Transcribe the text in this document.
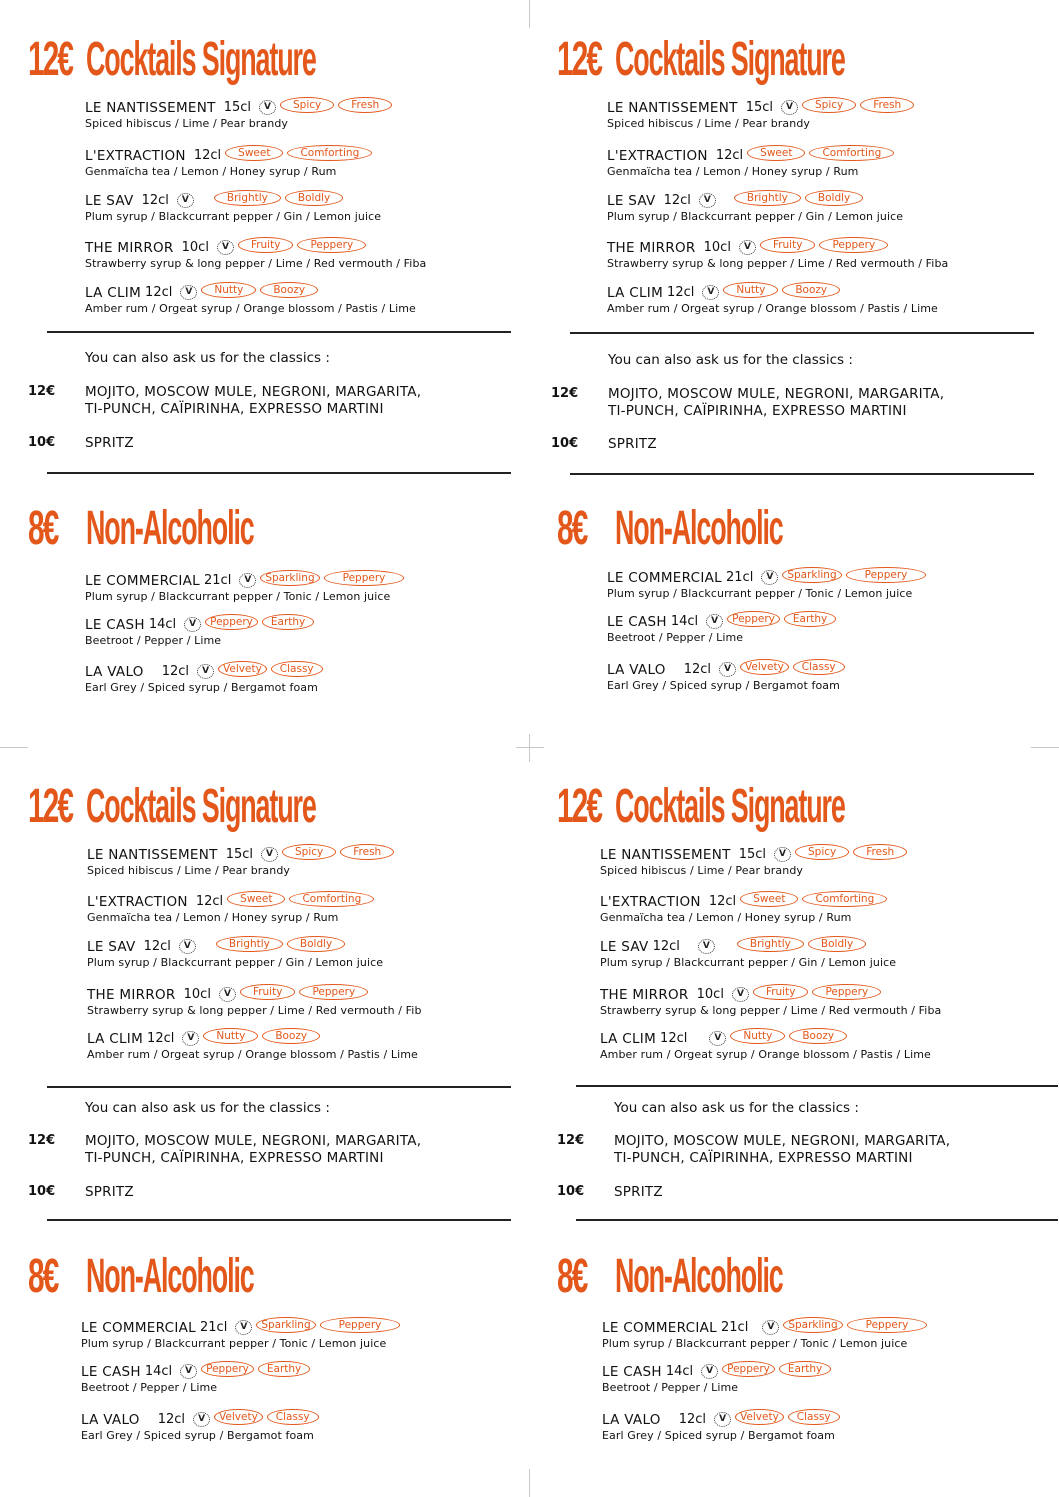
12€ Cocktails Signature
LE NANTISSEMENT 15cl	V	Spicy	Fresh
Spiced hibiscus / Lime / Pear brandy
L'EXTRACTION 12cl	Sweet	Comforting
Genmaïcha tea / Lemon / Honey syrup / Rum
LE SAV 12cl	V	Brightly	Boldly
Plum syrup / Blackcurrant pepper / Gin / Lemon juice
THE MIRROR 10cl	V	Fruity	Peppery
Strawberry syrup & long pepper / Lime / Red vermouth / Fiba
LA CLIM 12cl	V	Nutty	Boozy
Amber rum / Orgeat syrup / Orange blossom / Pastis / Lime
You can also ask us for the classics :
12€ MOJITO, MOSCOW MULE, NEGRONI, MARGARITA,
TI-PUNCH, CAÏPIRINHA, EXPRESSO MARTINI
10€ SPRITZ
8€ Non-Alcoholic
LE COMMERCIAL 21cl	V	Sparkling	Peppery
Plum syrup / Blackcurrant pepper / Tonic / Lemon juice
LE CASH 14cl	V	Peppery	Earthy
Beetroot / Pepper / Lime
LA VALO 12cl	V	Velvety	Classy
Earl Grey / Spiced syrup / Bergamot foam
12€ Cocktails Signature
LE NANTISSEMENT 15cl	V	Spicy	Fresh
Spiced hibiscus / Lime / Pear brandy
L'EXTRACTION 12cl	Sweet	Comforting
Genmaïcha tea / Lemon / Honey syrup / Rum
LE SAV 12cl	V	Brightly	Boldly
Plum syrup / Blackcurrant pepper / Gin / Lemon juice
THE MIRROR 10cl	V	Fruity	Peppery
Strawberry syrup & long pepper / Lime / Red vermouth / Fiba
LA CLIM 12cl	V	Nutty	Boozy
Amber rum / Orgeat syrup / Orange blossom / Pastis / Lime
You can also ask us for the classics :
12€ MOJITO, MOSCOW MULE, NEGRONI, MARGARITA,
TI-PUNCH, CAÏPIRINHA, EXPRESSO MARTINI
10€ SPRITZ
8€ Non-Alcoholic
LE COMMERCIAL 21cl	V	Sparkling	Peppery
Plum syrup / Blackcurrant pepper / Tonic / Lemon juice
LE CASH 14cl	V	Peppery	Earthy
Beetroot / Pepper / Lime
LA VALO 12cl	V	Velvety	Classy
Earl Grey / Spiced syrup / Bergamot foam
12€ Cocktails Signature
LE NANTISSEMENT 15cl	V	Spicy	Fresh
Spiced hibiscus / Lime / Pear brandy
L'EXTRACTION 12cl	Sweet	Comforting
Genmaïcha tea / Lemon / Honey syrup / Rum
LE SAV 12cl	V	Brightly	Boldly
Plum syrup / Blackcurrant pepper / Gin / Lemon juice
THE MIRROR 10cl	V	Fruity	Peppery
Strawberry syrup & long pepper / Lime / Red vermouth / Fib
LA CLIM 12cl	V	Nutty	Boozy
Amber rum / Orgeat syrup / Orange blossom / Pastis / Lime
You can also ask us for the classics :
12€ MOJITO, MOSCOW MULE, NEGRONI, MARGARITA,
TI-PUNCH, CAÏPIRINHA, EXPRESSO MARTINI
10€ SPRITZ
8€ Non-Alcoholic
LE COMMERCIAL 21cl	V	Sparkling	Peppery
Plum syrup / Blackcurrant pepper / Tonic / Lemon juice
LE CASH 14cl	V	Peppery	Earthy
Beetroot / Pepper / Lime
LA VALO 12cl	V	Velvety	Classy
Earl Grey / Spiced syrup / Bergamot foam
12€ Cocktails Signature
LE NANTISSEMENT 15cl	V	Spicy	Fresh
Spiced hibiscus / Lime / Pear brandy
L'EXTRACTION 12cl	Sweet	Comforting
Genmaïcha tea / Lemon / Honey syrup / Rum
LE SAV 12cl	V	Brightly	Boldly
Plum syrup / Blackcurrant pepper / Gin / Lemon juice
THE MIRROR 10cl	V	Fruity	Peppery
Strawberry syrup & long pepper / Lime / Red vermouth / Fiba
LA CLIM 12cl	V	Nutty	Boozy
Amber rum / Orgeat syrup / Orange blossom / Pastis / Lime
You can also ask us for the classics :
12€ MOJITO, MOSCOW MULE, NEGRONI, MARGARITA,
TI-PUNCH, CAÏPIRINHA, EXPRESSO MARTINI
10€ SPRITZ
8€ Non-Alcoholic
LE COMMERCIAL 21cl	V	Sparkling	Peppery
Plum syrup / Blackcurrant pepper / Tonic / Lemon juice
LE CASH 14cl	V	Peppery	Earthy
Beetroot / Pepper / Lime
LA VALO 12cl	V	Velvety	Classy
Earl Grey / Spiced syrup / Bergamot foam
